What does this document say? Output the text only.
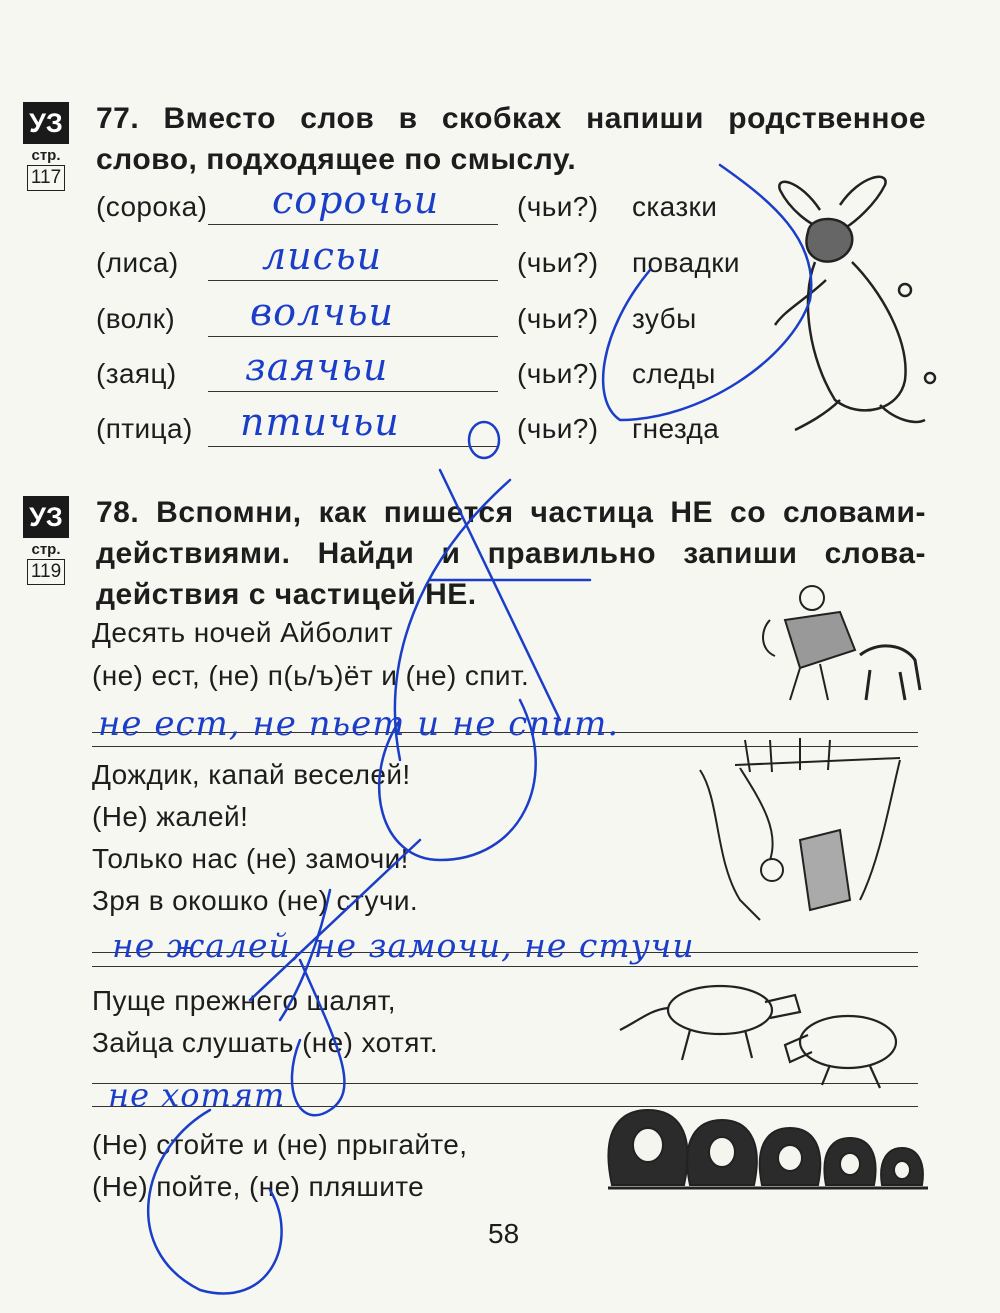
УЗ
стр.
117

77. Вместо слов в скобках напиши родственное слово, подходящее по смыслу.

(сорока) сорочьи	(чьи?) сказки
(лиса) лисьи	(чьи?) повадки
(волк) волчьи	(чьи?) зубы
(заяц) заячьи	(чьи?) следы
(птица) птичьи	(чьи?) гнезда
УЗ
стр.
119

78. Вспомни, как пишется частица НЕ со словами-действиями. Найди и правильно запиши слова-действия с частицей НЕ.

Десять ночей Айболит
(не) ест, (не) п(ь/ъ)ёт и (не) спит.
не ест, не пьет и не спит.
Дождик, капай веселей!
(Не) жалей!
Только нас (не) замочи!
Зря в окошко (не) стучи.
не жалей, не замочи, не стучи
Пуще прежнего шалят,
Зайца слушать (не) хотят.
не хотят
(Не) стойте и (не) прыгайте,
(Не) пойте, (не) пляшите
58
